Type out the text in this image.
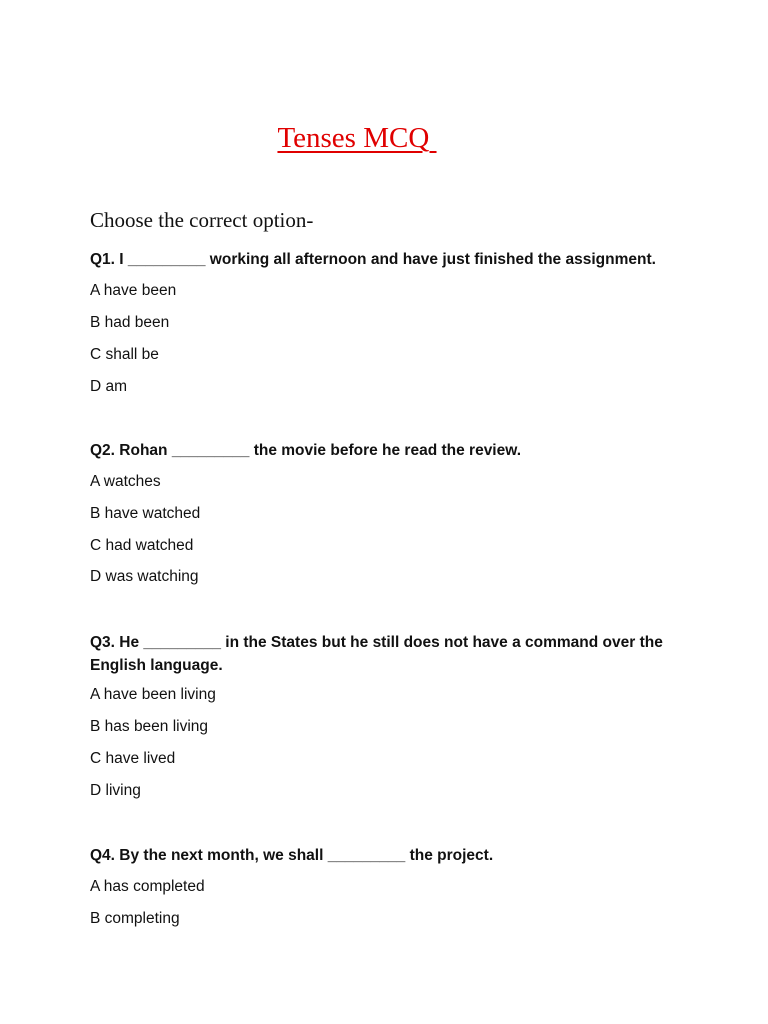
Tenses MCQ
Choose the correct option-
Q1. I _________ working all afternoon and have just finished the assignment.
A have been
B had been
C shall be
D am
Q2. Rohan _________ the movie before he read the review.
A watches
B have watched
C had watched
D was watching
Q3. He _________ in the States but he still does not have a command over the English language.
A have been living
B has been living
C have lived
D living
Q4. By the next month, we shall _________ the project.
A has completed
B completing
